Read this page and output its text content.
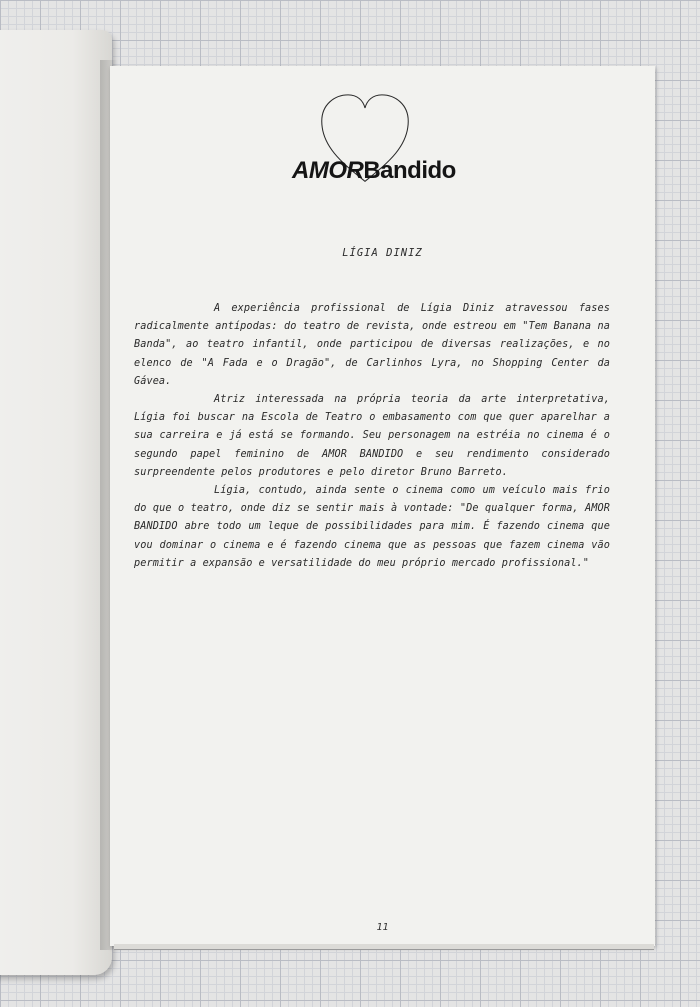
AMORBandido
LÍGIA DINIZ

A experiência profissional de Lígia Diniz atravessou fases radicalmente antípodas: do teatro de revista, onde estreou em "Tem Banana na Banda", ao teatro infantil, onde participou de diversas realizações, e no elenco de "A Fada e o Dragão", de Carlinhos Lyra, no Shopping Center da Gávea.

Atriz interessada na própria teoria da arte interpretativa, Lígia foi buscar na Escola de Teatro o embasamento com que quer aparelhar a sua carreira e já está se formando. Seu personagem na estréia no cinema é o segundo papel feminino de AMOR BANDIDO e seu rendimento considerado surpreendente pelos produtores e pelo diretor Bruno Barreto.

Lígia, contudo, ainda sente o cinema como um veículo mais frio do que o teatro, onde diz se sentir mais à vontade: "De qualquer forma, AMOR BANDIDO abre todo um leque de possibilidades para mim. É fazendo cinema que vou dominar o cinema e é fazendo cinema que as pessoas que fazem cinema vão permitir a expansão e versatilidade do meu próprio mercado profissional."

11
